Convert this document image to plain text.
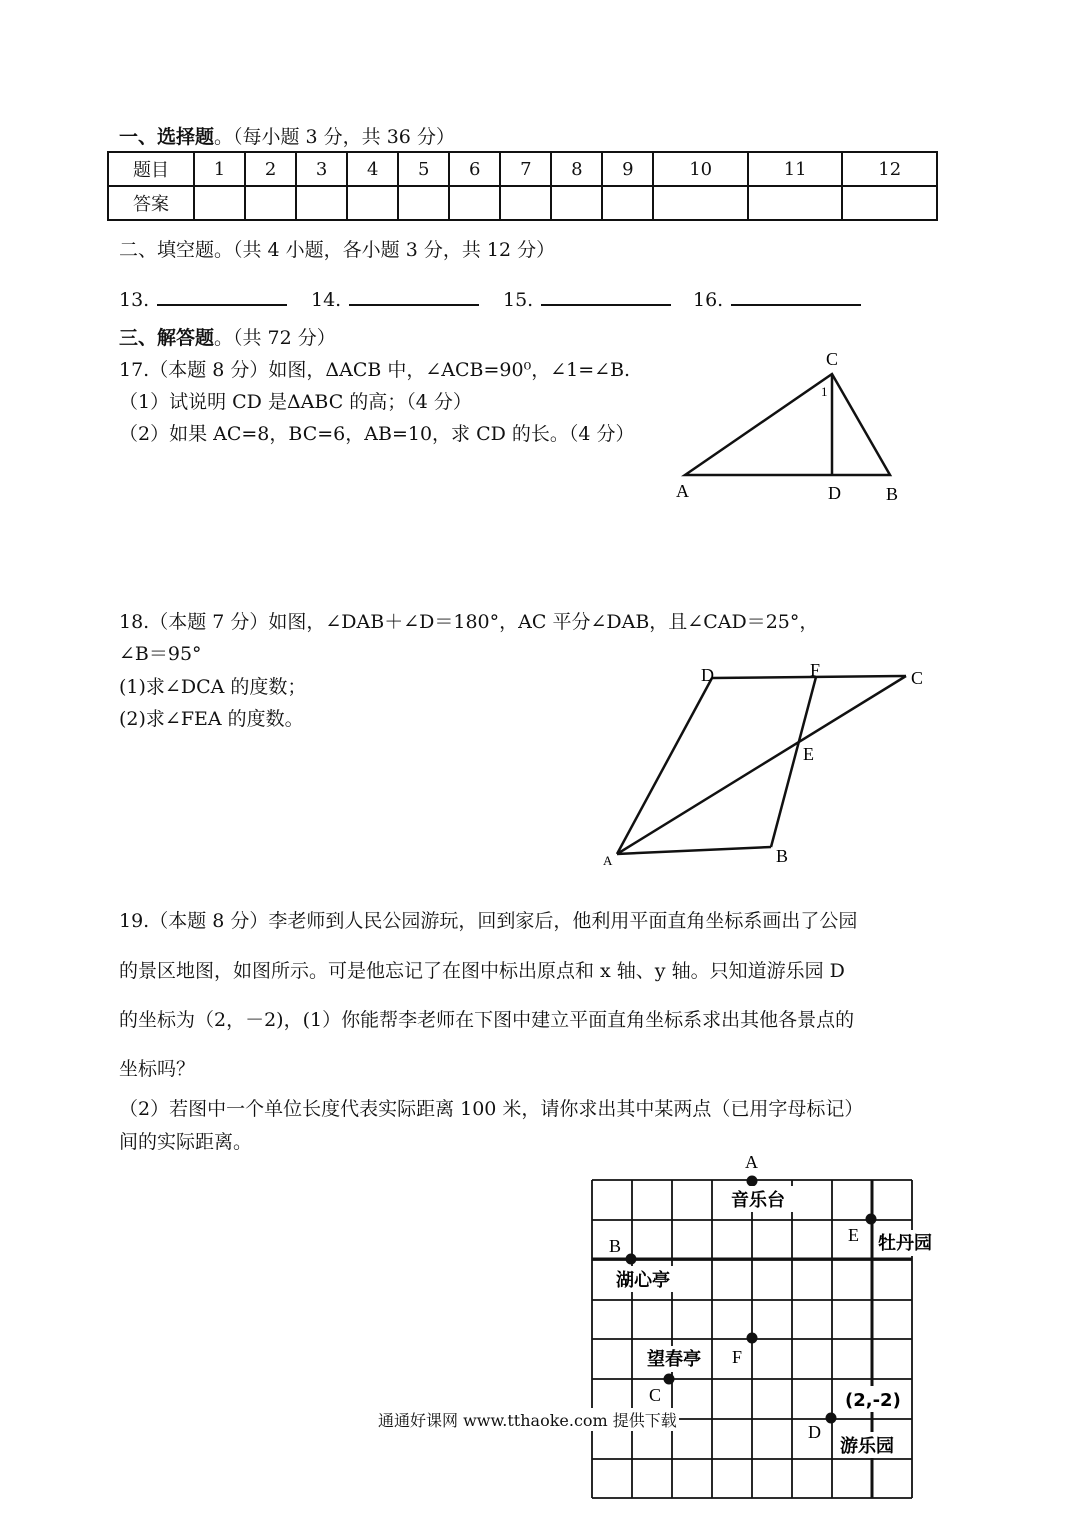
一、选择题。（每小题 3 分，共 36 分）
题目	1	2	3	4	5	6	7	8	9	10	11	12
答案												
二、填空题。（共 4 小题，各小题 3 分，共 12 分）
13.	14.	15.	16.
三、解答题。（共 72 分）
17.（本题 8 分）如图，ΔACB 中，∠ACB=90⁰，∠1=∠B.
（1）试说明 CD 是ΔABC 的高；（4 分）
（2）如果 AC=8，BC=6，AB=10，求 CD 的长。（4 分）
C
1
A	D	B
18.（本题 7 分）如图，∠DAB＋∠D＝180°，AC 平分∠DAB，且∠CAD＝25°，
∠B＝95°
(1)求∠DCA 的度数；
(2)求∠FEA 的度数。
D	F	C
E
A	B
19.（本题 8 分）李老师到人民公园游玩，回到家后，他利用平面直角坐标系画出了公园
的景区地图，如图所示。可是他忘记了在图中标出原点和 x 轴、y 轴。只知道游乐园 D
的坐标为（2，－2)，(1）你能帮李老师在下图中建立平面直角坐标系求出其他各景点的
坐标吗？
（2）若图中一个单位长度代表实际距离 100 米，请你求出其中某两点（已用字母标记）
间的实际距离。
A
音乐台
B
湖心亭
望春亭
C
F
E 牡丹园
(2,-2)
D
游乐园
通通好课网 www.tthaoke.com 提供下载
